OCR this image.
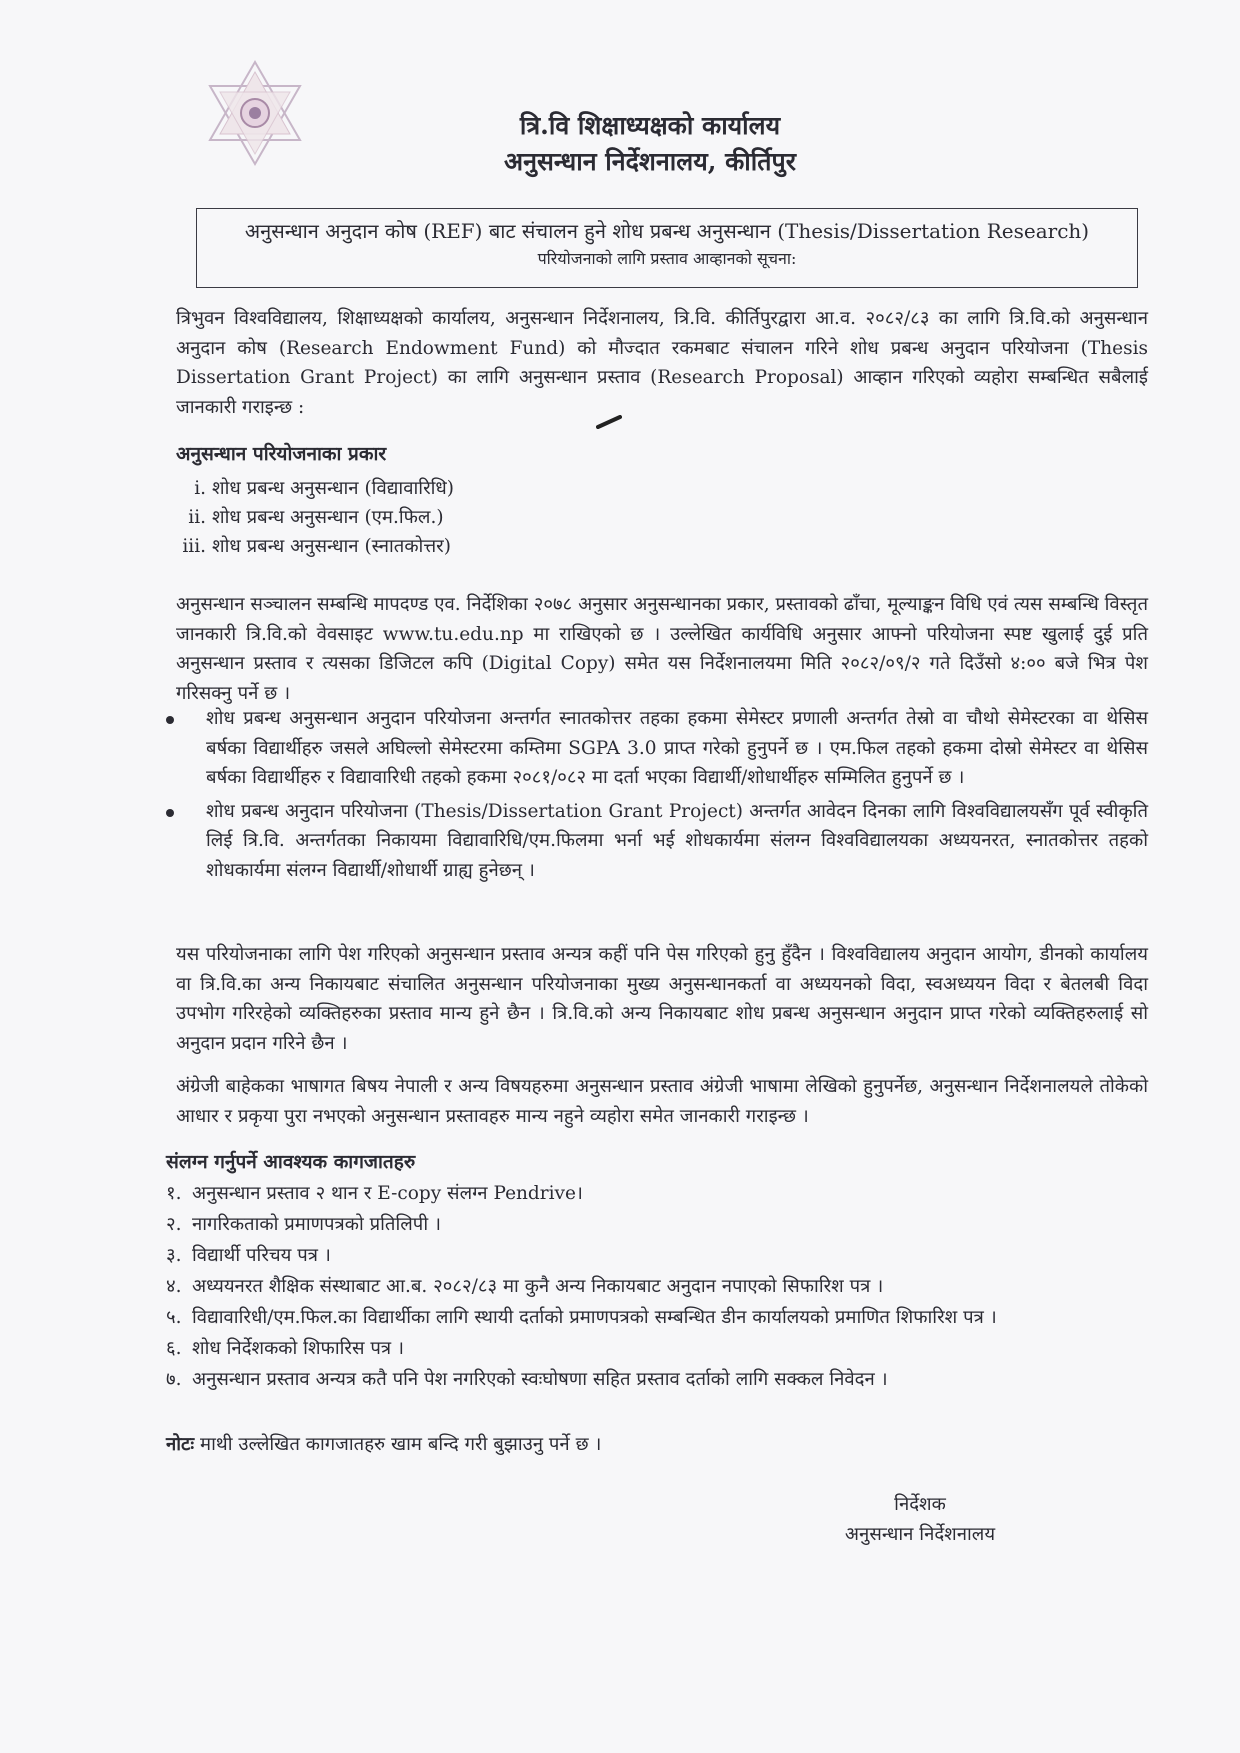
त्रि.वि शिक्षाध्यक्षको कार्यालय
अनुसन्धान निर्देशनालय, कीर्तिपुर
अनुसन्धान अनुदान कोष (REF) बाट संचालन हुने शोध प्रबन्ध अनुसन्धान (Thesis/Dissertation Research)
परियोजनाको लागि प्रस्ताव आव्हानको सूचना:
त्रिभुवन विश्वविद्यालय, शिक्षाध्यक्षको कार्यालय, अनुसन्धान निर्देशनालय, त्रि.वि. कीर्तिपुरद्वारा आ.व. २०८२/८३ का लागि त्रि.वि.को अनुसन्धान अनुदान कोष (Research Endowment Fund) को मौज्दात रकमबाट संचालन गरिने शोध प्रबन्ध अनुदान परियोजना (Thesis Dissertation Grant Project) का लागि अनुसन्धान प्रस्ताव (Research Proposal) आव्हान गरिएको व्यहोरा सम्बन्धित सबैलाई जानकारी गराइन्छ :
अनुसन्धान परियोजनाका प्रकार
i. शोध प्रबन्ध अनुसन्धान (विद्यावारिधि)
ii. शोध प्रबन्ध अनुसन्धान (एम.फिल.)
iii. शोध प्रबन्ध अनुसन्धान (स्नातकोत्तर)
अनुसन्धान सञ्चालन सम्बन्धि मापदण्ड एव. निर्देशिका २०७८ अनुसार अनुसन्धानका प्रकार, प्रस्तावको ढाँचा, मूल्याङ्कन विधि एवं त्यस सम्बन्धि विस्तृत जानकारी त्रि.वि.को वेवसाइट www.tu.edu.np मा राखिएको छ । उल्लेखित कार्यविधि अनुसार आफ्नो परियोजना स्पष्ट खुलाई दुई प्रति अनुसन्धान प्रस्ताव र त्यसका डिजिटल कपि (Digital Copy) समेत यस निर्देशनालयमा मिति २०८२/०९/२ गते दिउँसो ४:०० बजे भित्र पेश गरिसक्नु पर्ने छ ।
शोध प्रबन्ध अनुसन्धान अनुदान परियोजना अन्तर्गत स्नातकोत्तर तहका हकमा सेमेस्टर प्रणाली अन्तर्गत तेस्रो वा चौथो सेमेस्टरका वा थेसिस बर्षका विद्यार्थीहरु जसले अघिल्लो सेमेस्टरमा कम्तिमा SGPA 3.0 प्राप्त गरेको हुनुपर्ने छ । एम.फिल तहको हकमा दोस्रो सेमेस्टर वा थेसिस बर्षका विद्यार्थीहरु र विद्यावारिधी तहको हकमा २०८१/०८२ मा दर्ता भएका विद्यार्थी/शोधार्थीहरु सम्मिलित हुनुपर्ने छ ।
शोध प्रबन्ध अनुदान परियोजना (Thesis/Dissertation Grant Project) अन्तर्गत आवेदन दिनका लागि विश्वविद्यालयसँग पूर्व स्वीकृति लिई त्रि.वि. अन्तर्गतका निकायमा विद्यावारिधि/एम.फिलमा भर्ना भई शोधकार्यमा संलग्न विश्वविद्यालयका अध्ययनरत, स्नातकोत्तर तहको शोधकार्यमा संलग्न विद्यार्थी/शोधार्थी ग्राह्य हुनेछन् ।
यस परियोजनाका लागि पेश गरिएको अनुसन्धान प्रस्ताव अन्यत्र कहीं पनि पेस गरिएको हुनु हुँदैन । विश्वविद्यालय अनुदान आयोग, डीनको कार्यालय वा त्रि.वि.का अन्य निकायबाट संचालित अनुसन्धान परियोजनाका मुख्य अनुसन्धानकर्ता वा अध्ययनको विदा, स्वअध्ययन विदा र बेतलबी विदा उपभोग गरिरहेको व्यक्तिहरुका प्रस्ताव मान्य हुने छैन । त्रि.वि.को अन्य निकायबाट शोध प्रबन्ध अनुसन्धान अनुदान प्राप्त गरेको व्यक्तिहरुलाई सो अनुदान प्रदान गरिने छैन ।
अंग्रेजी बाहेकका भाषागत बिषय नेपाली र अन्य विषयहरुमा अनुसन्धान प्रस्ताव अंग्रेजी भाषामा लेखिको हुनुपर्नेछ, अनुसन्धान निर्देशनालयले तोकेको आधार र प्रकृया पुरा नभएको अनुसन्धान प्रस्तावहरु मान्य नहुने व्यहोरा समेत जानकारी गराइन्छ ।
संलग्न गर्नुपर्ने आवश्यक कागजातहरु
१. अनुसन्धान प्रस्ताव २ थान र E-copy संलग्न Pendrive।
२. नागरिकताको प्रमाणपत्रको प्रतिलिपी ।
३. विद्यार्थी परिचय पत्र ।
४. अध्ययनरत शैक्षिक संस्थाबाट आ.ब. २०८२/८३ मा कुनै अन्य निकायबाट अनुदान नपाएको सिफारिश पत्र ।
५. विद्यावारिधी/एम.फिल.का विद्यार्थीका लागि स्थायी दर्ताको प्रमाणपत्रको सम्बन्धित डीन कार्यालयको प्रमाणित शिफारिश पत्र ।
६. शोध निर्देशकको शिफारिस पत्र ।
७. अनुसन्धान प्रस्ताव अन्यत्र कतै पनि पेश नगरिएको स्वःघोषणा सहित प्रस्ताव दर्ताको लागि सक्कल निवेदन ।
नोटः माथी उल्लेखित कागजातहरु खाम बन्दि गरी बुझाउनु पर्ने छ ।
निर्देशक
अनुसन्धान निर्देशनालय
